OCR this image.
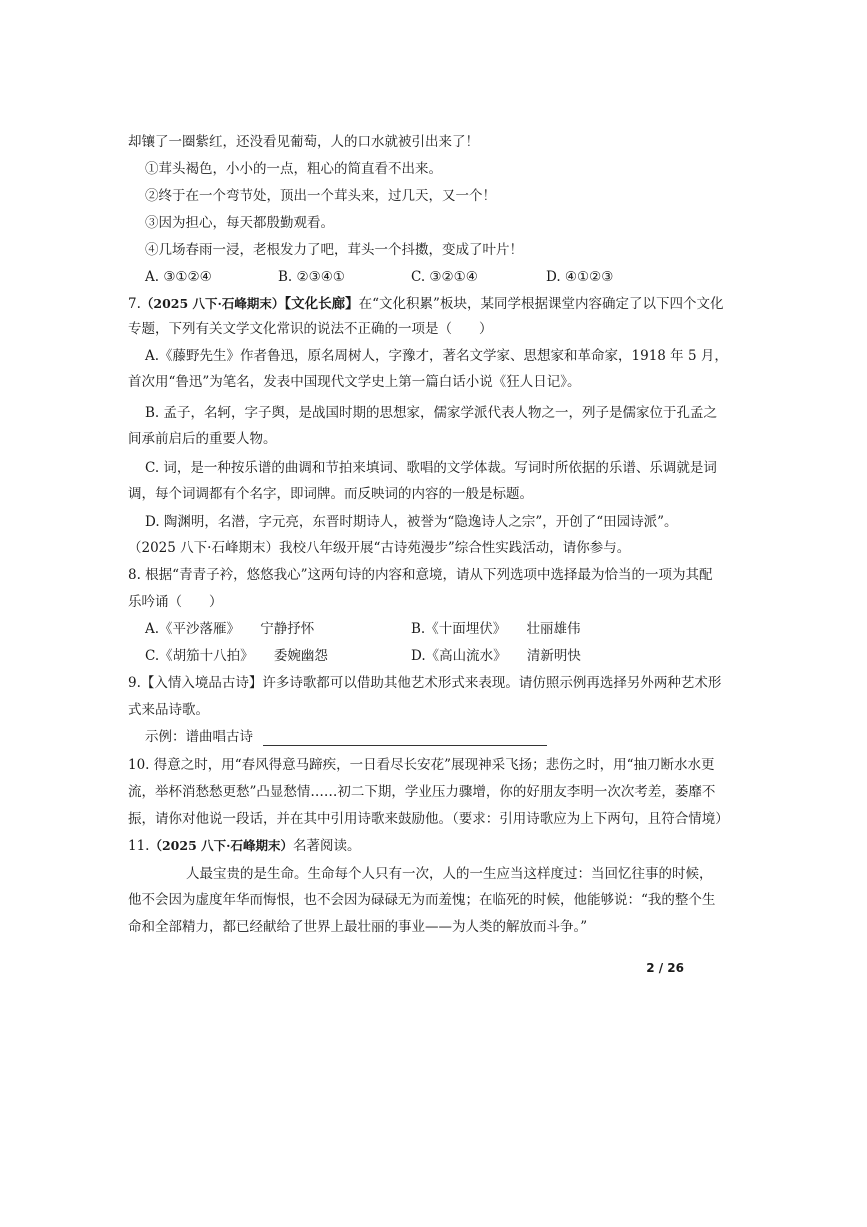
却镶了一圈紫红，还没看见葡萄，人的口水就被引出来了！
①茸头褐色，小小的一点，粗心的简直看不出来。
②终于在一个弯节处，顶出一个茸头来，过几天，又一个！
③因为担心，每天都殷勤观看。
④几场春雨一浸，老根发力了吧，茸头一个抖擞，变成了叶片！
A. ③①②④	B. ②③④①	C. ③②①④	D. ④①②③
7.（2025 八下·石峰期末）【文化长廊】在“文化积累”板块，某同学根据课堂内容确定了以下四个文化
专题，下列有关文学文化常识的说法不正确的一项是（　　）
A.《藤野先生》作者鲁迅，原名周树人，字豫才，著名文学家、思想家和革命家，1918 年 5 月，
首次用“鲁迅”为笔名，发表中国现代文学史上第一篇白话小说《狂人日记》。
B. 孟子，名轲，字子舆，是战国时期的思想家，儒家学派代表人物之一，列子是儒家位于孔孟之
间承前启后的重要人物。
C. 词，是一种按乐谱的曲调和节拍来填词、歌唱的文学体裁。写词时所依据的乐谱、乐调就是词
调，每个词调都有个名字，即词牌。而反映词的内容的一般是标题。
D. 陶渊明，名潜，字元亮，东晋时期诗人，被誉为“隐逸诗人之宗”，开创了“田园诗派”。
（2025 八下·石峰期末）我校八年级开展“古诗苑漫步”综合性实践活动，请你参与。
8. 根据“青青子衿，悠悠我心”这两句诗的内容和意境，请从下列选项中选择最为恰当的一项为其配
乐吟诵（　　）
A.《平沙落雁》　　宁静抒怀	B.《十面埋伏》　　壮丽雄伟
C.《胡笳十八拍》　　委婉幽怨	D.《高山流水》　　清新明快
9.【入情入境品古诗】许多诗歌都可以借助其他艺术形式来表现。请仿照示例再选择另外两种艺术形
式来品诗歌。
示例：谱曲唱古诗
10. 得意之时，用“春风得意马蹄疾，一日看尽长安花”展现神采飞扬；悲伤之时，用“抽刀断水水更
流，举杯消愁愁更愁”凸显愁情……初二下期，学业压力骤增，你的好朋友李明一次次考差，萎靡不
振，请你对他说一段话，并在其中引用诗歌来鼓励他。（要求：引用诗歌应为上下两句，且符合情境）
11.（2025 八下·石峰期末）名著阅读。
人最宝贵的是生命。生命每个人只有一次，人的一生应当这样度过：当回忆往事的时候，
他不会因为虚度年华而悔恨，也不会因为碌碌无为而羞愧；在临死的时候，他能够说：“我的整个生
命和全部精力，都已经献给了世界上最壮丽的事业——为人类的解放而斗争。”
2 / 26
